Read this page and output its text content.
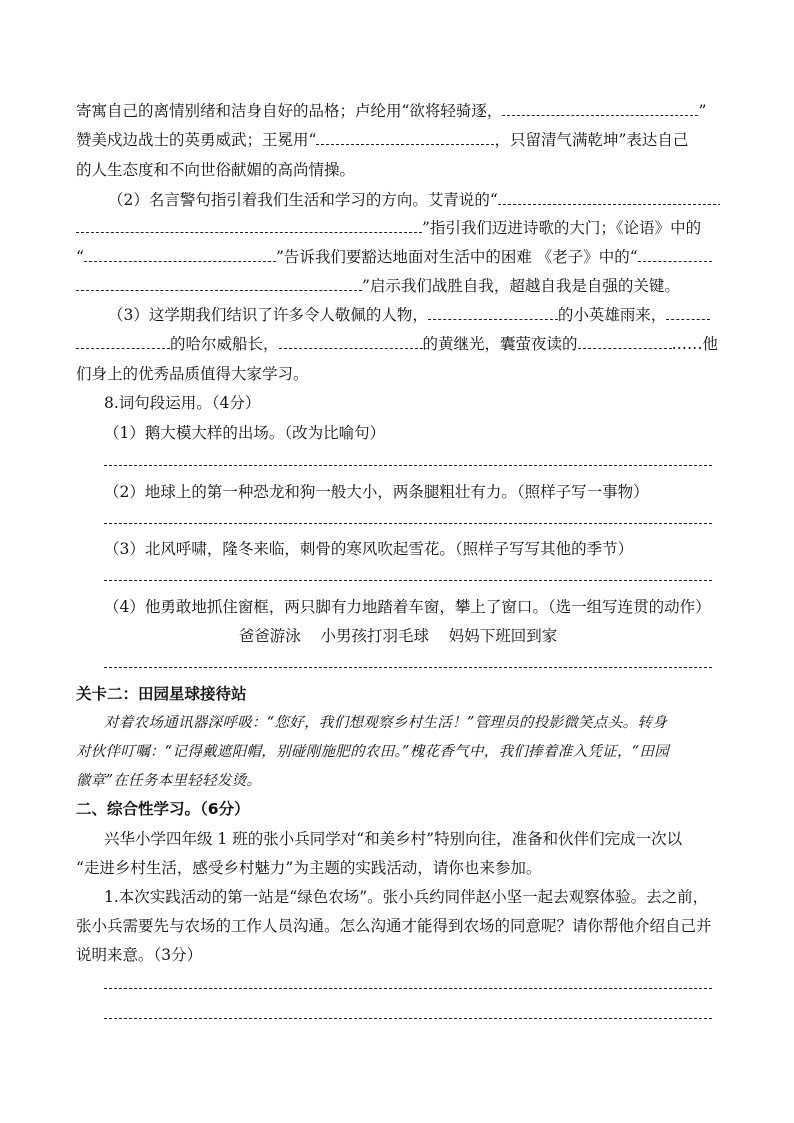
寄寓自己的离情别绪和洁身自好的品格；卢纶用“欲将轻骑逐，	”
赞美戍边战士的英勇威武；王冕用“	，只留清气满乾坤”表达自己
的人生态度和不向世俗献媚的高尚情操。
（2）名言警句指引着我们生活和学习的方向。艾青说的“
”指引我们迈进诗歌的大门；《论语》中的
“	”告诉我们要豁达地面对生活中的困难 《老子》中的“
”启示我们战胜自我，超越自我是自强的关键。
（3）这学期我们结识了许多令人敬佩的人物，	的小英雄雨来，
的哈尔威船长，	的黄继光，囊萤夜读的	……他
们身上的优秀品质值得大家学习。
8.词句段运用。（4分）
（1）鹅大模大样的出场。（改为比喻句）
（2）地球上的第一种恐龙和狗一般大小，两条腿粗壮有力。（照样子写一事物）
（3）北风呼啸，隆冬来临，刺骨的寒风吹起雪花。（照样子写写其他的季节）
（4）他勇敢地抓住窗框，两只脚有力地踏着车窗，攀上了窗口。（选一组写连贯的动作）
爸爸游泳    小男孩打羽毛球    妈妈下班回到家
关卡二：田园星球接待站
对着农场通讯器深呼吸：“您好，我们想观察乡村生活！”管理员的投影微笑点头。转身
对伙伴叮嘱：“记得戴遮阳帽，别碰刚施肥的农田。”槐花香气中，我们捧着准入凭证，“田园
徽章”在任务本里轻轻发烫。
二、综合性学习。（6分）
兴华小学四年级 1 班的张小兵同学对“和美乡村”特别向往，准备和伙伴们完成一次以
“走进乡村生活，感受乡村魅力”为主题的实践活动，请你也来参加。
1.本次实践活动的第一站是“绿色农场”。张小兵约同伴赵小坚一起去观察体验。去之前，
张小兵需要先与农场的工作人员沟通。怎么沟通才能得到农场的同意呢？请你帮他介绍自己并
说明来意。（3分）
